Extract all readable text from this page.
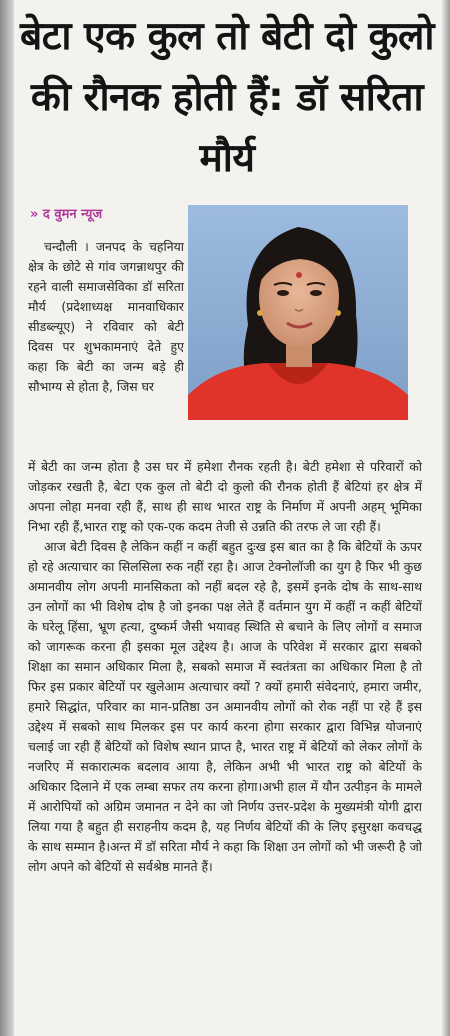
बेटा एक कुल तो बेटी दो कुलो की रौनक होती हैं: डॉ सरिता मौर्य
» द वुमन न्यूज

चन्दौली । जनपद के चहनिया क्षेत्र के छोटे से गांव जगन्नाथपुर की रहने वाली समाजसेविका डॉ सरिता मौर्य (प्रदेशाध्यक्ष मानवाधिकार सीडब्ल्यूए) ने रविवार को बेटी दिवस पर शुभकामनाएं देते हुए कहा कि बेटी का जन्म बड़े ही सौभाग्य से होता है, जिस घर

में बेटी का जन्म होता है उस घर में हमेशा रौनक रहती है। बेटी हमेशा से परिवारों को जोड़कर रखती है, बेटा एक कुल तो बेटी दो कुलो की रौनक होती हैं बेटियां हर क्षेत्र में अपना लोहा मनवा रही हैं, साथ ही साथ भारत राष्ट्र के निर्माण में अपनी अहम् भूमिका निभा रही हैं,भारत राष्ट्र को एक-एक कदम तेजी से उन्नति की तरफ ले जा रही हैं।

आज बेटी दिवस है लेकिन कहीं न कहीं बहुत दुःख इस बात का है कि बेटियों के ऊपर हो रहे अत्याचार का सिलसिला रुक नहीं रहा है। आज टेक्नोलॉजी का युग है फिर भी कुछ अमानवीय लोग अपनी मानसिकता को नहीं बदल रहे है, इसमें इनके दोष के साथ-साथ उन लोगों का भी विशेष दोष है जो इनका पक्ष लेते हैं वर्तमान युग में कहीं न कहीं बेटियों के घरेलू हिंसा, भ्रूण हत्या, दुष्कर्म जैसी भयावह स्थिति से बचाने के लिए लोगों व समाज को जागरूक करना ही इसका मूल उद्देश्य है। आज के परिवेश में सरकार द्वारा सबको शिक्षा का समान अधिकार मिला है, सबको समाज में स्वतंत्रता का अधिकार मिला है तो फिर इस प्रकार बेटियों पर खुलेआम अत्याचार क्यों ? क्यों हमारी संवेदनाएं, हमारा जमीर, हमारे सिद्धांत, परिवार का मान-प्रतिष्ठा उन अमानवीय लोगों को रोक नहीं पा रहे हैं इस उद्देश्य में सबको साथ मिलकर इस पर कार्य करना होगा सरकार द्वारा विभिन्न योजनाएं चलाई जा रही हैं बेटियों को विशेष स्थान प्राप्त है, भारत राष्ट्र में बेटियों को लेकर लोगों के नजरिए में सकारात्मक बदलाव आया है, लेकिन अभी भी भारत राष्ट्र को बेटियों के अधिकार दिलाने में एक लम्बा सफर तय करना होगा।अभी हाल में यौन उत्पीड़न के मामले में आरोपियों को अग्रिम जमानत न देने का जो निर्णय उत्तर-प्रदेश के मुख्यमंत्री योगी द्वारा लिया गया है बहुत ही सराहनीय कदम है, यह निर्णय बेटियों की के लिए इसुरक्षा कवचद्ध के साथ सम्मान है।अन्त में डॉ सरिता मौर्य ने कहा कि शिक्षा उन लोगों को भी जरूरी है जो लोग अपने को बेटियों से सर्वश्रेष्ठ मानते हैं।
